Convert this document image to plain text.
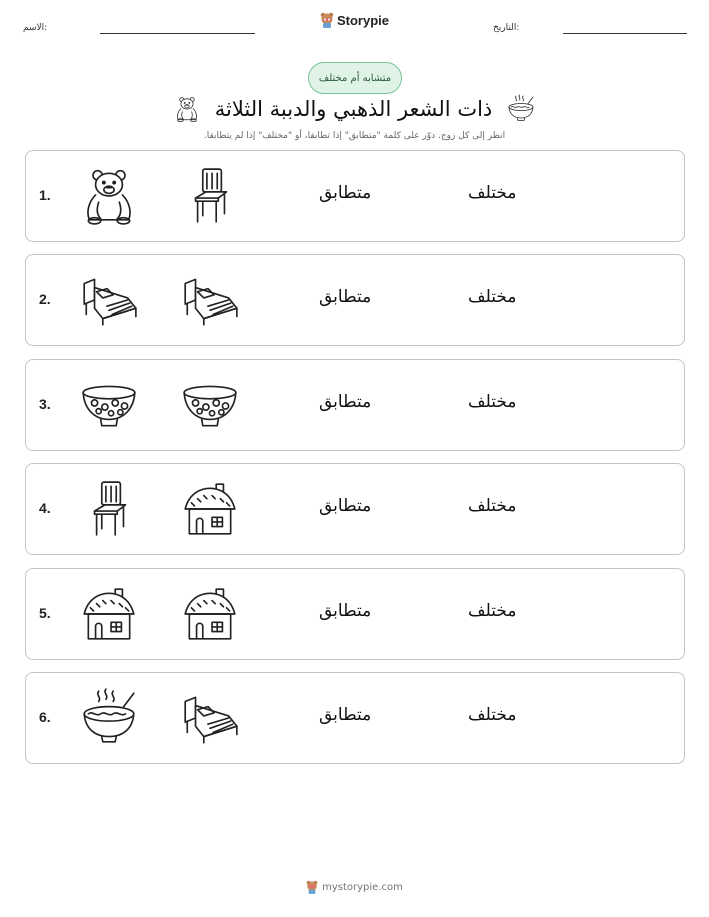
الاسم:
Storypie
التاريخ:
متشابه أم مختلف
ذات الشعر الذهبي والدببة الثلاثة
انظر إلى كل زوج. دوّر على كلمة "متطابق" إذا تطابقا، أو "مختلف" إذا لم يتطابقا.
1.	متطابق	مختلف
2.	متطابق	مختلف
3.	متطابق	مختلف
4.	متطابق	مختلف
5.	متطابق	مختلف
6.	متطابق	مختلف
mystorypie.com
